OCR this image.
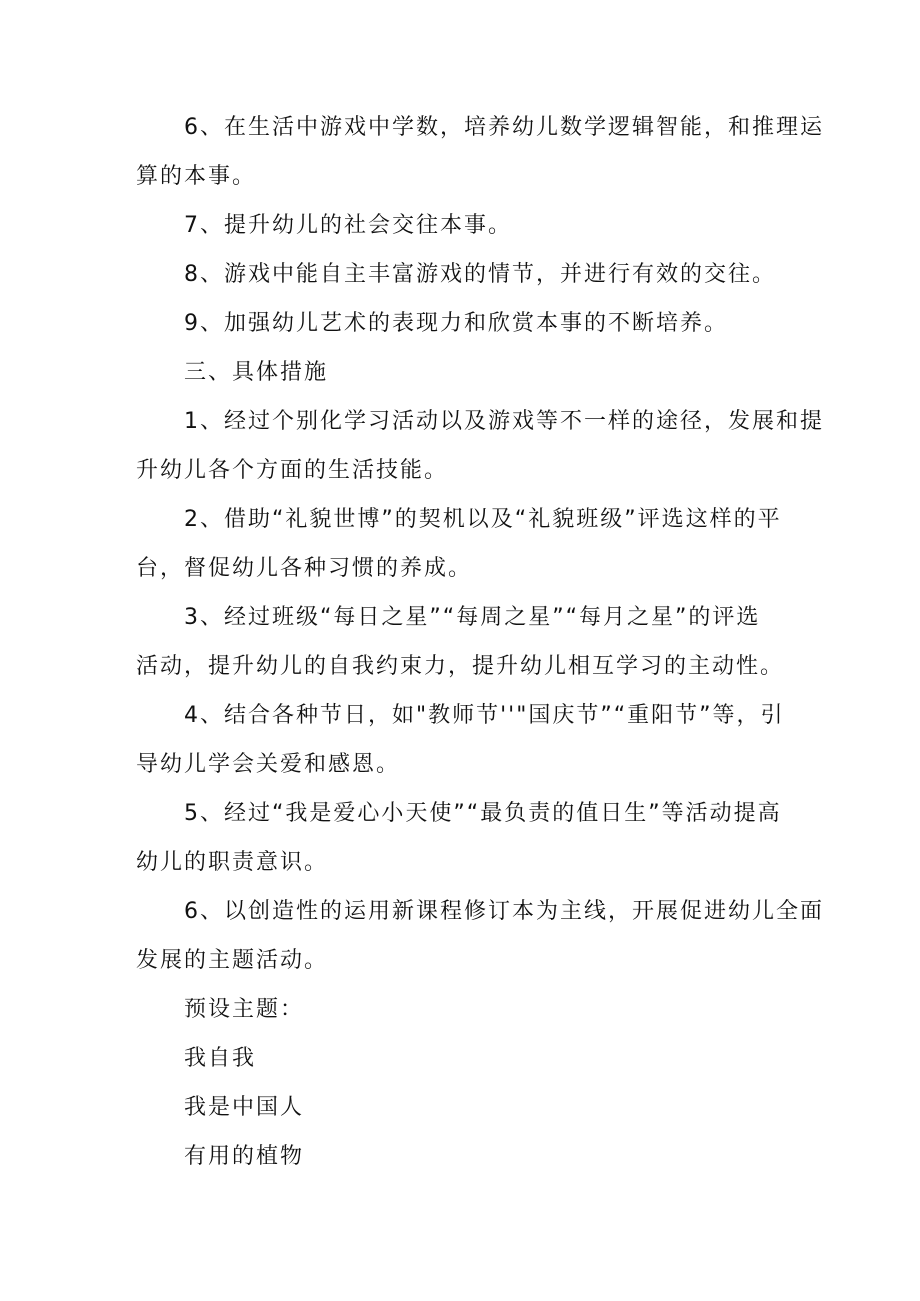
6、在生活中游戏中学数，培养幼儿数学逻辑智能，和推理运
算的本事。
7、提升幼儿的社会交往本事。
8、游戏中能自主丰富游戏的情节，并进行有效的交往。
9、加强幼儿艺术的表现力和欣赏本事的不断培养。
三、具体措施
1、经过个别化学习活动以及游戏等不一样的途径，发展和提
升幼儿各个方面的生活技能。
2、借助“礼貌世博”的契机以及“礼貌班级”评选这样的平
台，督促幼儿各种习惯的养成。
3、经过班级“每日之星”“每周之星”“每月之星”的评选
活动，提升幼儿的自我约束力，提升幼儿相互学习的主动性。
4、结合各种节日，如"教师节''"国庆节”“重阳节”等，引
导幼儿学会关爱和感恩。
5、经过“我是爱心小天使”“最负责的值日生”等活动提高
幼儿的职责意识。
6、以创造性的运用新课程修订本为主线，开展促进幼儿全面
发展的主题活动。
预设主题：
我自我
我是中国人
有用的植物
